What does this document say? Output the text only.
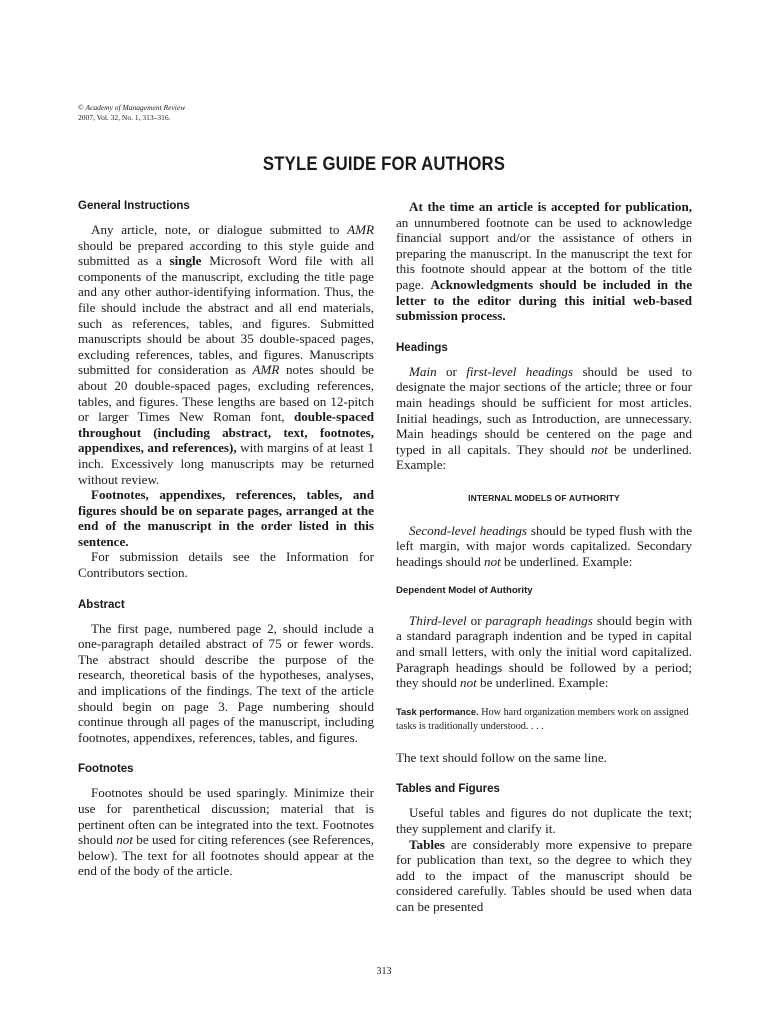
© Academy of Management Review
2007, Vol. 32, No. 1, 313–316.
STYLE GUIDE FOR AUTHORS
General Instructions

Any article, note, or dialogue submitted to AMR should be prepared according to this style guide and submitted as a single Microsoft Word file with all components of the manuscript, excluding the title page and any other author-identifying information. Thus, the file should include the abstract and all end materials, such as references, tables, and figures. Submitted manuscripts should be about 35 double-spaced pages, excluding references, tables, and figures. Manuscripts submitted for consideration as AMR notes should be about 20 double-spaced pages, excluding references, tables, and figures. These lengths are based on 12-pitch or larger Times New Roman font, double-spaced throughout (including abstract, text, footnotes, appendixes, and references), with margins of at least 1 inch. Excessively long manuscripts may be returned without review.

Footnotes, appendixes, references, tables, and figures should be on separate pages, arranged at the end of the manuscript in the order listed in this sentence.

For submission details see the Information for Contributors section.

Abstract

The first page, numbered page 2, should include a one-paragraph detailed abstract of 75 or fewer words. The abstract should describe the purpose of the research, theoretical basis of the hypotheses, analyses, and implications of the findings. The text of the article should begin on page 3. Page numbering should continue through all pages of the manuscript, including footnotes, appendixes, references, tables, and figures.

Footnotes

Footnotes should be used sparingly. Minimize their use for parenthetical discussion; material that is pertinent often can be integrated into the text. Footnotes should not be used for citing references (see References, below). The text for all footnotes should appear at the end of the body of the article.

At the time an article is accepted for publication, an unnumbered footnote can be used to acknowledge financial support and/or the assistance of others in preparing the manuscript. In the manuscript the text for this footnote should appear at the bottom of the title page. Acknowledgments should be included in the letter to the editor during this initial web-based submission process.

Headings

Main or first-level headings should be used to designate the major sections of the article; three or four main headings should be sufficient for most articles. Initial headings, such as Introduction, are unnecessary. Main headings should be centered on the page and typed in all capitals. They should not be underlined. Example:

INTERNAL MODELS OF AUTHORITY

Second-level headings should be typed flush with the left margin, with major words capitalized. Secondary headings should not be underlined. Example:

Dependent Model of Authority

Third-level or paragraph headings should begin with a standard paragraph indention and be typed in capital and small letters, with only the initial word capitalized. Paragraph headings should be followed by a period; they should not be underlined. Example:

Task performance. How hard organization members work on assigned tasks is traditionally understood. . . .

The text should follow on the same line.

Tables and Figures

Useful tables and figures do not duplicate the text; they supplement and clarify it.

Tables are considerably more expensive to prepare for publication than text, so the degree to which they add to the impact of the manuscript should be considered carefully. Tables should be used when data can be presented

313
